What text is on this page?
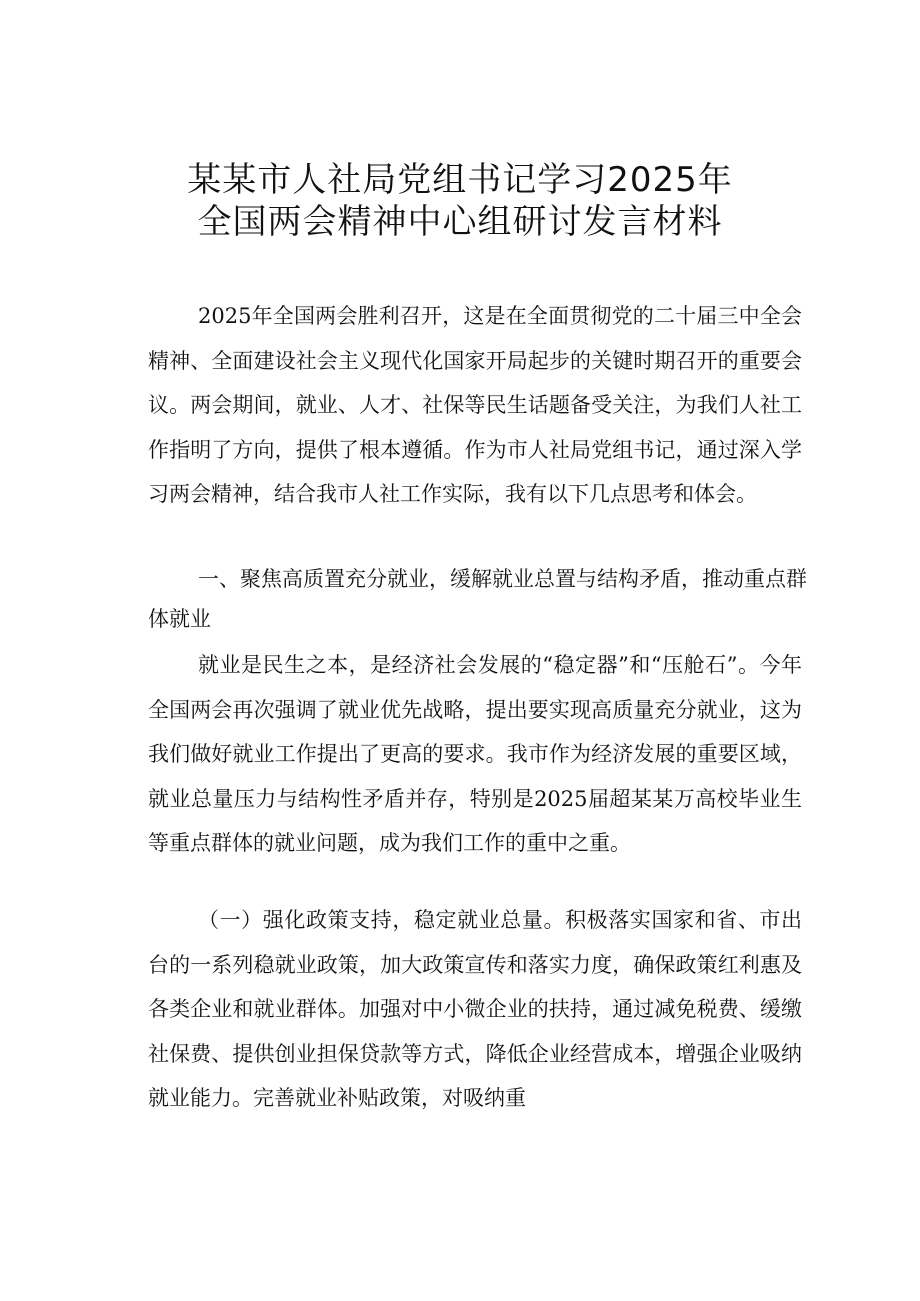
某某市人社局党组书记学习2025年
全国两会精神中心组研讨发言材料

2025年全国两会胜利召开，这是在全面贯彻党的二十届三中全会精神、全面建设社会主义现代化国家开局起步的关键时期召开的重要会议。两会期间，就业、人才、社保等民生话题备受关注，为我们人社工作指明了方向，提供了根本遵循。作为市人社局党组书记，通过深入学习两会精神，结合我市人社工作实际，我有以下几点思考和体会。

一、聚焦高质置充分就业，缓解就业总置与结构矛盾，推动重点群体就业

就业是民生之本，是经济社会发展的“稳定器”和“压舱石”。今年全国两会再次强调了就业优先战略，提出要实现高质量充分就业，这为我们做好就业工作提出了更高的要求。我市作为经济发展的重要区域，就业总量压力与结构性矛盾并存，特别是2025届超某某万高校毕业生等重点群体的就业问题，成为我们工作的重中之重。

（一）强化政策支持，稳定就业总量。积极落实国家和省、市出台的一系列稳就业政策，加大政策宣传和落实力度，确保政策红利惠及各类企业和就业群体。加强对中小微企业的扶持，通过减免税费、缓缴社保费、提供创业担保贷款等方式，降低企业经营成本，增强企业吸纳就业能力。完善就业补贴政策，对吸纳重
